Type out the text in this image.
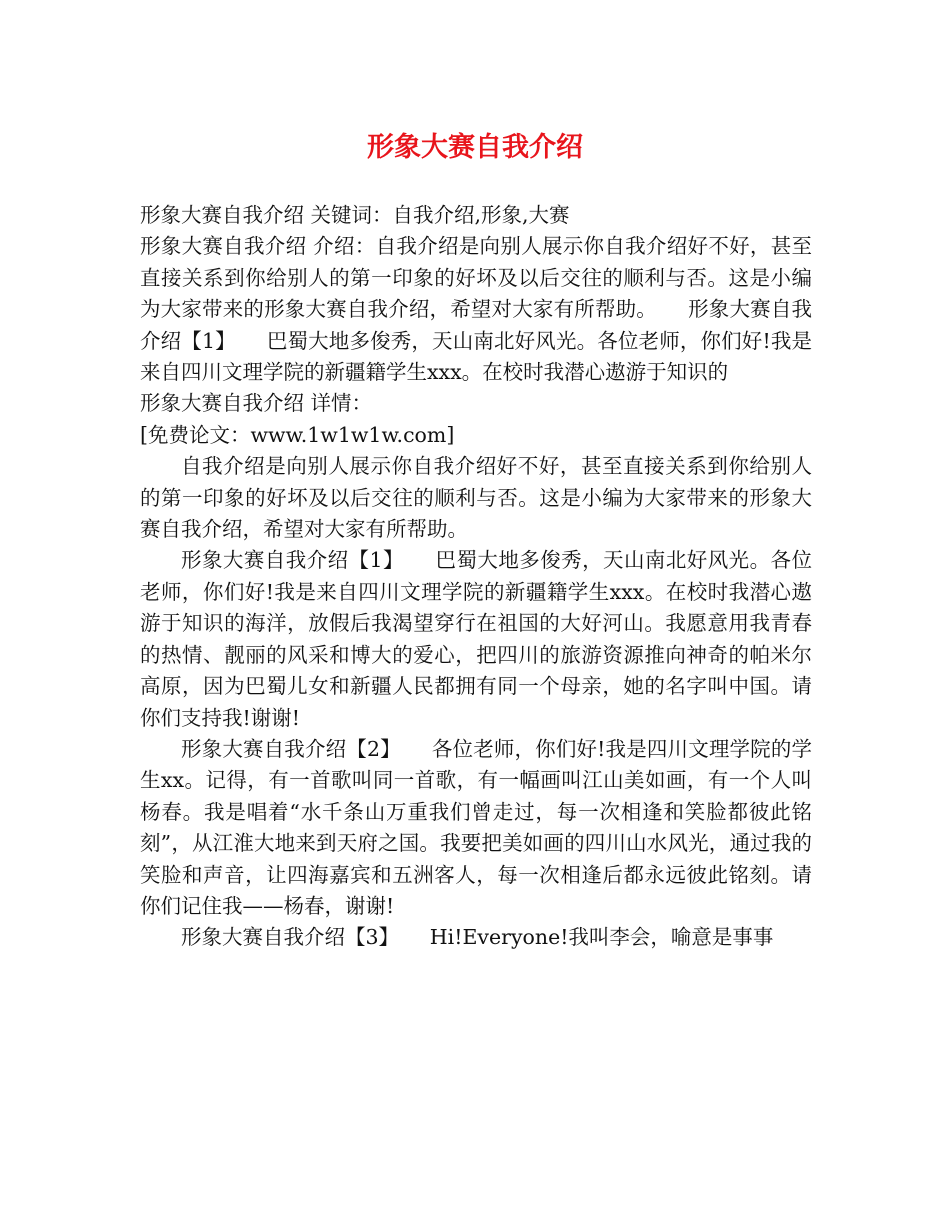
形象大赛自我介绍

形象大赛自我介绍 关键词：自我介绍,形象,大赛

形象大赛自我介绍 介绍：自我介绍是向别人展示你自我介绍好不好，甚至直接关系到你给别人的第一印象的好坏及以后交往的顺利与否。这是小编为大家带来的形象大赛自我介绍，希望对大家有所帮助。　　形象大赛自我介绍【1】　　巴蜀大地多俊秀，天山南北好风光。各位老师，你们好!我是来自四川文理学院的新疆籍学生xxx。在校时我潜心遨游于知识的

形象大赛自我介绍 详情：

[免费论文：www.1w1w1w.com]

自我介绍是向别人展示你自我介绍好不好，甚至直接关系到你给别人的第一印象的好坏及以后交往的顺利与否。这是小编为大家带来的形象大赛自我介绍，希望对大家有所帮助。

形象大赛自我介绍【1】　　巴蜀大地多俊秀，天山南北好风光。各位老师，你们好!我是来自四川文理学院的新疆籍学生xxx。在校时我潜心遨游于知识的海洋，放假后我渴望穿行在祖国的大好河山。我愿意用我青春的热情、靓丽的风采和博大的爱心，把四川的旅游资源推向神奇的帕米尔高原，因为巴蜀儿女和新疆人民都拥有同一个母亲，她的名字叫中国。请你们支持我!谢谢!

形象大赛自我介绍【2】　　各位老师，你们好!我是四川文理学院的学生xx。记得，有一首歌叫同一首歌，有一幅画叫江山美如画，有一个人叫杨春。我是唱着“水千条山万重我们曾走过，每一次相逢和笑脸都彼此铭刻”，从江淮大地来到天府之国。我要把美如画的四川山水风光，通过我的笑脸和声音，让四海嘉宾和五洲客人，每一次相逢后都永远彼此铭刻。请你们记住我——杨春，谢谢!

形象大赛自我介绍【3】　　Hi!Everyone!我叫李会，喻意是事事
